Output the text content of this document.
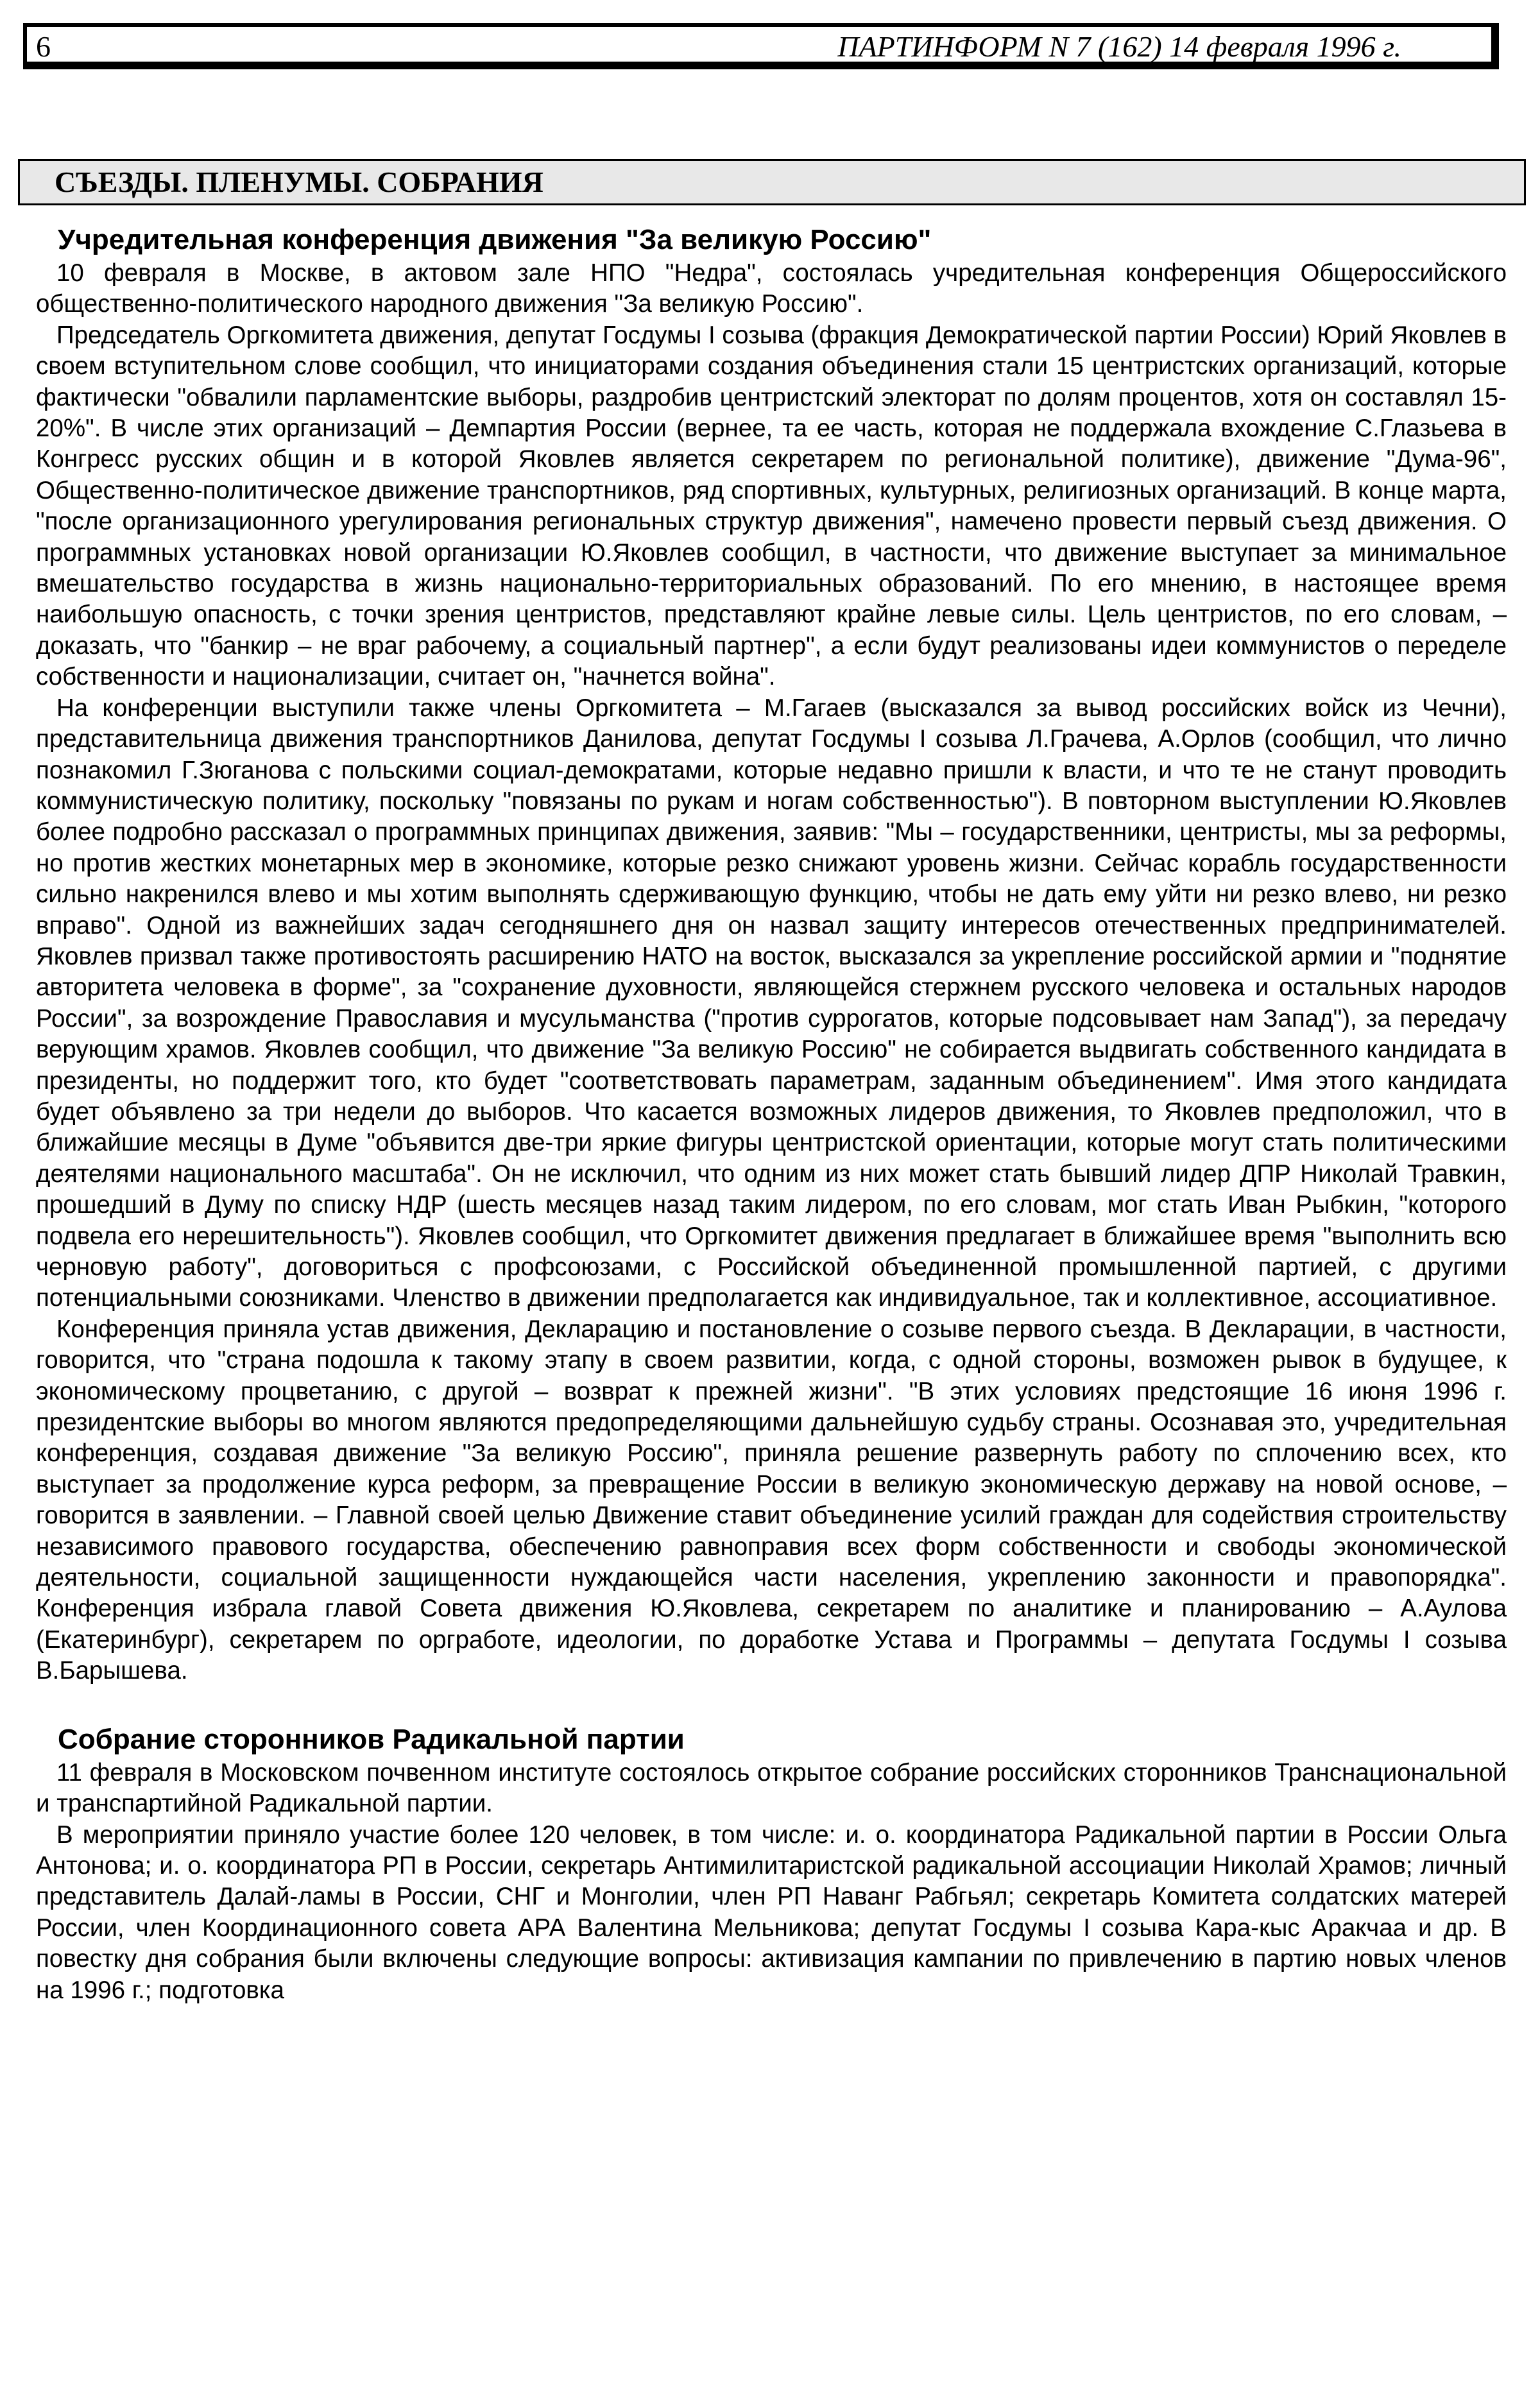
6	ПАРТИНФОРМ N 7 (162) 14 февраля 1996 г.
СЪЕЗДЫ. ПЛЕНУМЫ. СОБРАНИЯ
Учредительная конференция движения "За великую Россию"

10 февраля в Москве, в актовом зале НПО "Недра", состоялась учредительная конференция Общероссийского общественно-политического народного движения "За великую Россию".

Председатель Оргкомитета движения, депутат Госдумы I созыва (фракция Демократической партии России) Юрий Яковлев в своем вступительном слове сообщил, что инициаторами создания объединения стали 15 центристских организаций, которые фактически "обвалили парламентские выборы, раздробив центристский электорат по долям процентов, хотя он составлял 15-20%". В числе этих организаций – Демпартия России (вернее, та ее часть, которая не поддержала вхождение С.Глазьева в Конгресс русских общин и в которой Яковлев является секретарем по региональной политике), движение "Дума-96", Общественно-политическое движение транспортников, ряд спортивных, культурных, религиозных организаций. В конце марта, "после организационного урегулирования региональных структур движения", намечено провести первый съезд движения. О программных установках новой организации Ю.Яковлев сообщил, в частности, что движение выступает за минимальное вмешательство государства в жизнь национально-территориальных образований. По его мнению, в настоящее время наибольшую опасность, с точки зрения центристов, представляют крайне левые силы. Цель центристов, по его словам, – доказать, что "банкир – не враг рабочему, а социальный партнер", а если будут реализованы идеи коммунистов о переделе собственности и национализации, считает он, "начнется война".

На конференции выступили также члены Оргкомитета – М.Гагаев (высказался за вывод российских войск из Чечни), представительница движения транспортников Данилова, депутат Госдумы I созыва Л.Грачева, А.Орлов (сообщил, что лично познакомил Г.Зюганова с польскими социал-демократами, которые недавно пришли к власти, и что те не станут проводить коммунистическую политику, поскольку "повязаны по рукам и ногам собственностью"). В повторном выступлении Ю.Яковлев более подробно рассказал о программных принципах движения, заявив: "Мы – государственники, центристы, мы за реформы, но против жестких монетарных мер в экономике, которые резко снижают уровень жизни. Сейчас корабль государственности сильно накренился влево и мы хотим выполнять сдерживающую функцию, чтобы не дать ему уйти ни резко влево, ни резко вправо". Одной из важнейших задач сегодняшнего дня он назвал защиту интересов отечественных предпринимателей. Яковлев призвал также противостоять расширению НАТО на восток, высказался за укрепление российской армии и "поднятие авторитета человека в форме", за "сохранение духовности, являющейся стержнем русского человека и остальных народов России", за возрождение Православия и мусульманства ("против суррогатов, которые подсовывает нам Запад"), за передачу верующим храмов. Яковлев сообщил, что движение "За великую Россию" не собирается выдвигать собственного кандидата в президенты, но поддержит того, кто будет "соответствовать параметрам, заданным объединением". Имя этого кандидата будет объявлено за три недели до выборов. Что касается возможных лидеров движения, то Яковлев предположил, что в ближайшие месяцы в Думе "объявится две-три яркие фигуры центристской ориентации, которые могут стать политическими деятелями национального масштаба". Он не исключил, что одним из них может стать бывший лидер ДПР Николай Травкин, прошедший в Думу по списку НДР (шесть месяцев назад таким лидером, по его словам, мог стать Иван Рыбкин, "которого подвела его нерешительность"). Яковлев сообщил, что Оргкомитет движения предлагает в ближайшее время "выполнить всю черновую работу", договориться с профсоюзами, с Российской объединенной промышленной партией, с другими потенциальными союзниками. Членство в движении предполагается как индивидуальное, так и коллективное, ассоциативное.

Конференция приняла устав движения, Декларацию и постановление о созыве первого съезда. В Декларации, в частности, говорится, что "страна подошла к такому этапу в своем развитии, когда, с одной стороны, возможен рывок в будущее, к экономическому процветанию, с другой – возврат к прежней жизни". "В этих условиях предстоящие 16 июня 1996 г. президентские выборы во многом являются предопределяющими дальнейшую судьбу страны. Осознавая это, учредительная конференция, создавая движение "За великую Россию", приняла решение развернуть работу по сплочению всех, кто выступает за продолжение курса реформ, за превращение России в великую экономическую державу на новой основе, – говорится в заявлении. – Главной своей целью Движение ставит объединение усилий граждан для содействия строительству независимого правового государства, обеспечению равноправия всех форм собственности и свободы экономической деятельности, социальной защищенности нуждающейся части населения, укреплению законности и правопорядка". Конференция избрала главой Совета движения Ю.Яковлева, секретарем по аналитике и планированию – А.Аулова (Екатеринбург), секретарем по оргработе, идеологии, по доработке Устава и Программы – депутата Госдумы I созыва В.Барышева.

Собрание сторонников Радикальной партии

11 февраля в Московском почвенном институте состоялось открытое собрание российских сторонников Транснациональной и транспартийной Радикальной партии.

В мероприятии приняло участие более 120 человек, в том числе: и. о. координатора Радикальной партии в России Ольга Антонова; и. о. координатора РП в России, секретарь Антимилитаристской радикальной ассоциации Николай Храмов; личный представитель Далай-ламы в России, СНГ и Монголии, член РП Наванг Рабгьял; секретарь Комитета солдатских матерей России, член Координационного совета АРА Валентина Мельникова; депутат Госдумы I созыва Кара-кыс Аракчаа и др. В повестку дня собрания были включены следующие вопросы: активизация кампании по привлечению в партию новых членов на 1996 г.; подготовка
